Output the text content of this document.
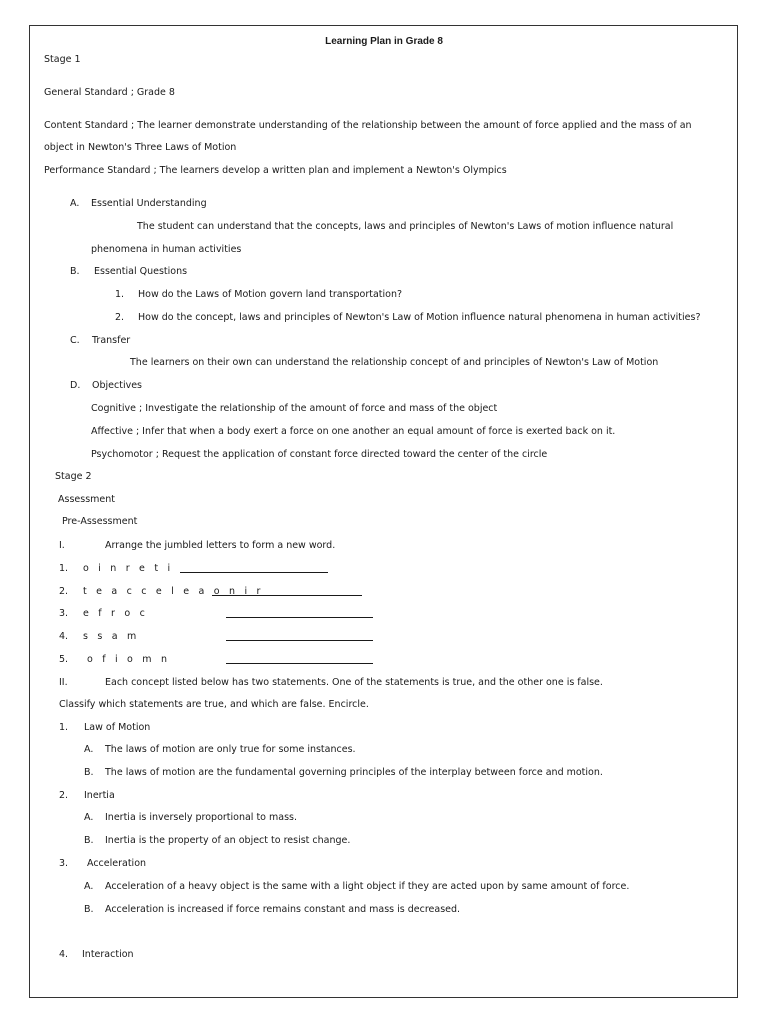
Learning Plan in Grade 8
Stage 1
General Standard ; Grade 8
Content Standard ; The learner demonstrate understanding of the relationship between the amount of force applied and the mass of an
object in Newton's Three Laws of Motion
Performance Standard ; The learners develop a written plan and implement a Newton's Olympics
A. Essential Understanding
The student can understand that the concepts, laws and principles of Newton's Laws of motion influence natural
phenomena in human activities
B. Essential Questions
1. How do the Laws of Motion govern land transportation?
2. How do the concept, laws and principles of Newton's Law of Motion influence natural phenomena in human activities?
C. Transfer
The learners on their own can understand the relationship concept of and principles of Newton's Law of Motion
D. Objectives
Cognitive ; Investigate the relationship of the amount of force and mass of the object
Affective ; Infer that when a body exert a force on one another an equal amount of force is exerted back on it.
Psychomotor ; Request the application of constant force directed toward the center of the circle
Stage 2
Assessment
Pre-Assessment
I.	Arrange the jumbled letters to form a new word.
1. o i n r e t i
2. t e a c c e l e a o n i r
3. e f r o c
4. s s a m
5. o f i o m n
II.	Each concept listed below has two statements. One of the statements is true, and the other one is false.
Classify which statements are true, and which are false. Encircle.
1. Law of Motion
A. The laws of motion are only true for some instances.
B. The laws of motion are the fundamental governing principles of the interplay between force and motion.
2. Inertia
A. Inertia is inversely proportional to mass.
B. Inertia is the property of an object to resist change.
3. Acceleration
A. Acceleration of a heavy object is the same with a light object if they are acted upon by same amount of force.
B. Acceleration is increased if force remains constant and mass is decreased.
4. Interaction
